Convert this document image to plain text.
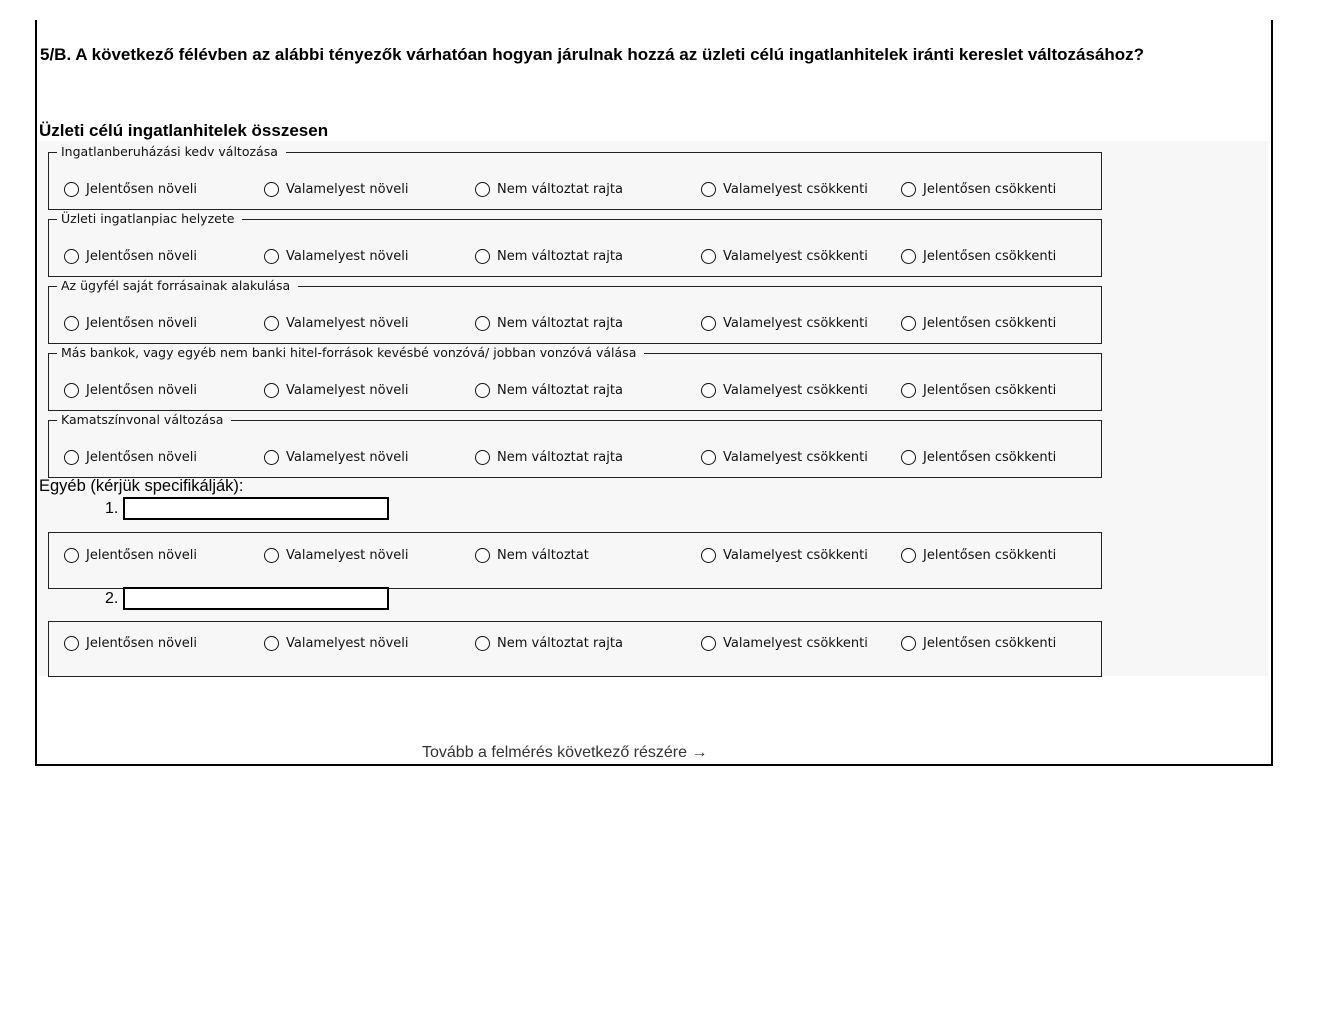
5/B. A következő félévben az alábbi tényezők várhatóan hogyan járulnak hozzá az üzleti célú ingatlanhitelek iránti kereslet változásához?
Üzleti célú ingatlanhitelek összesen
Ingatlanberuházási kedv változása
Jelentősen növeli	Valamelyest növeli	Nem változtat rajta	Valamelyest csökkenti	Jelentősen csökkenti
Üzleti ingatlanpiac helyzete
Jelentősen növeli	Valamelyest növeli	Nem változtat rajta	Valamelyest csökkenti	Jelentősen csökkenti
Az ügyfél saját forrásainak alakulása
Jelentősen növeli	Valamelyest növeli	Nem változtat rajta	Valamelyest csökkenti	Jelentősen csökkenti
Más bankok, vagy egyéb nem banki hitel-források kevésbé vonzóvá/ jobban vonzóvá válása
Jelentősen növeli	Valamelyest növeli	Nem változtat rajta	Valamelyest csökkenti	Jelentősen csökkenti
Kamatszínvonal változása
Jelentősen növeli	Valamelyest növeli	Nem változtat rajta	Valamelyest csökkenti	Jelentősen csökkenti
Egyéb (kérjük specifikálják):
1.
Jelentősen növeli	Valamelyest növeli	Nem változtat	Valamelyest csökkenti	Jelentősen csökkenti
2.
Jelentősen növeli	Valamelyest növeli	Nem változtat rajta	Valamelyest csökkenti	Jelentősen csökkenti
Tovább a felmérés következő részére →
